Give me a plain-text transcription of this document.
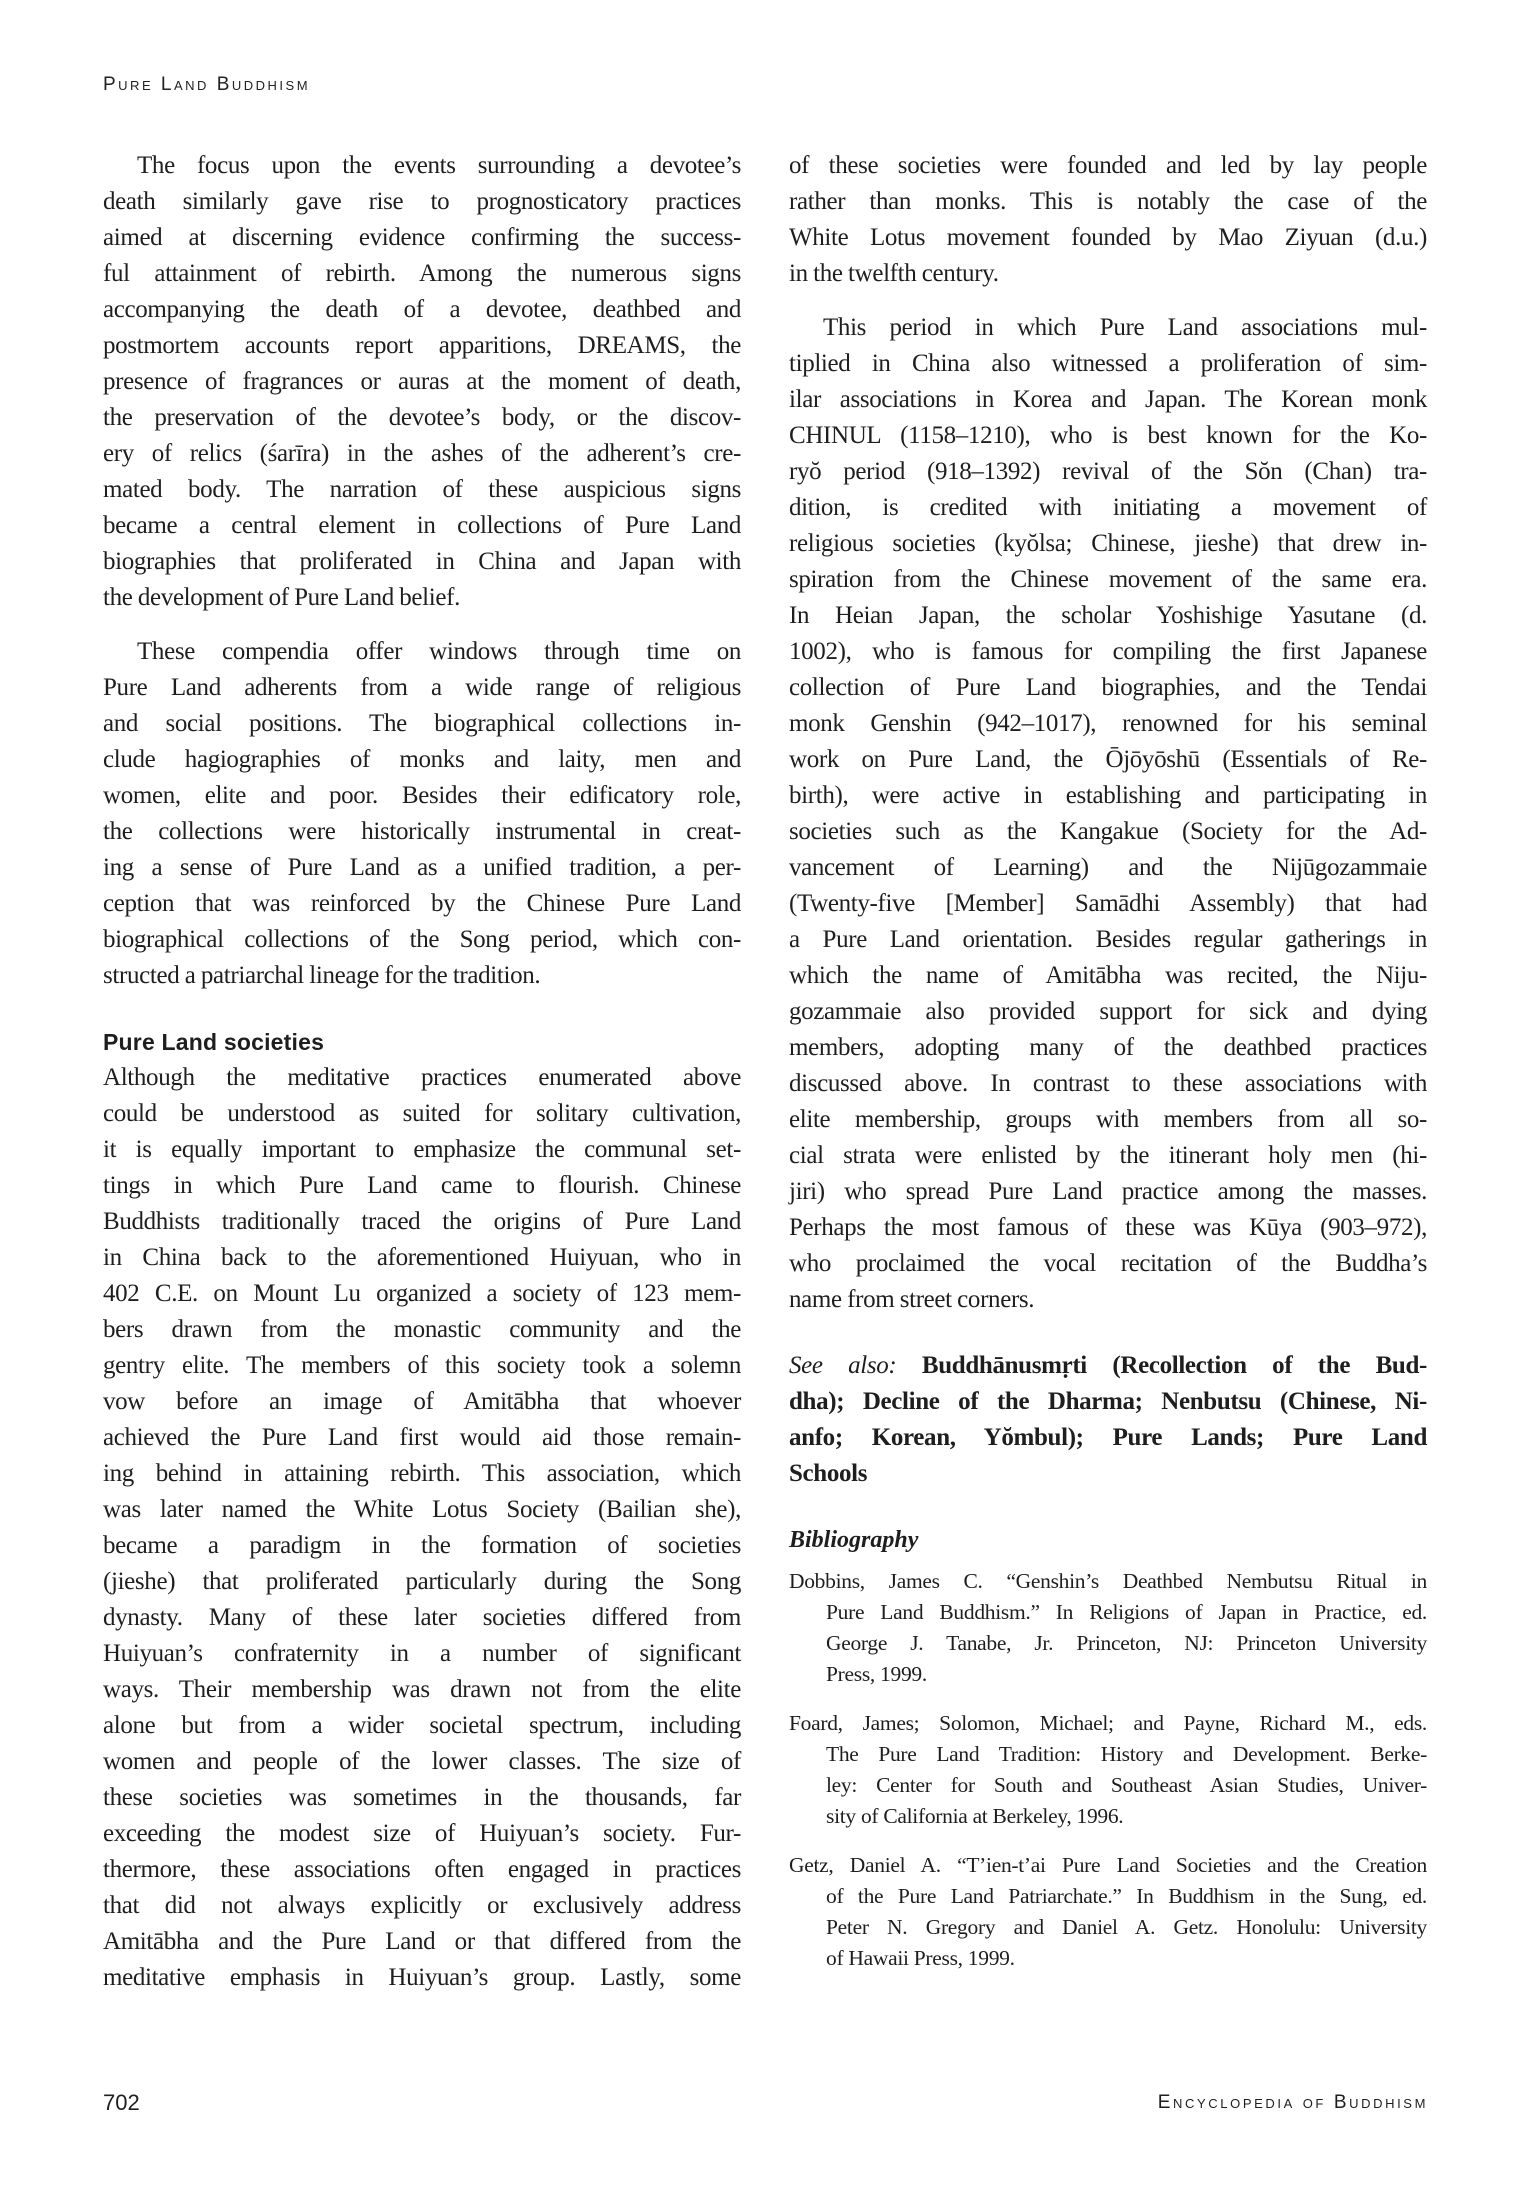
Pure Land Buddhism
The focus upon the events surrounding a devotee’s
death similarly gave rise to prognosticatory practices
aimed at discerning evidence confirming the success-
ful attainment of rebirth. Among the numerous signs
accompanying the death of a devotee, deathbed and
postmortem accounts report apparitions, DREAMS, the
presence of fragrances or auras at the moment of death,
the preservation of the devotee’s body, or the discov-
ery of relics (śarīra) in the ashes of the adherent’s cre-
mated body. The narration of these auspicious signs
became a central element in collections of Pure Land
biographies that proliferated in China and Japan with
the development of Pure Land belief.
These compendia offer windows through time on
Pure Land adherents from a wide range of religious
and social positions. The biographical collections in-
clude hagiographies of monks and laity, men and
women, elite and poor. Besides their edificatory role,
the collections were historically instrumental in creat-
ing a sense of Pure Land as a unified tradition, a per-
ception that was reinforced by the Chinese Pure Land
biographical collections of the Song period, which con-
structed a patriarchal lineage for the tradition.
Pure Land societies
Although the meditative practices enumerated above
could be understood as suited for solitary cultivation,
it is equally important to emphasize the communal set-
tings in which Pure Land came to flourish. Chinese
Buddhists traditionally traced the origins of Pure Land
in China back to the aforementioned Huiyuan, who in
402 C.E. on Mount Lu organized a society of 123 mem-
bers drawn from the monastic community and the
gentry elite. The members of this society took a solemn
vow before an image of Amitābha that whoever
achieved the Pure Land first would aid those remain-
ing behind in attaining rebirth. This association, which
was later named the White Lotus Society (Bailian she),
became a paradigm in the formation of societies
(jieshe) that proliferated particularly during the Song
dynasty. Many of these later societies differed from
Huiyuan’s confraternity in a number of significant
ways. Their membership was drawn not from the elite
alone but from a wider societal spectrum, including
women and people of the lower classes. The size of
these societies was sometimes in the thousands, far
exceeding the modest size of Huiyuan’s society. Fur-
thermore, these associations often engaged in practices
that did not always explicitly or exclusively address
Amitābha and the Pure Land or that differed from the
meditative emphasis in Huiyuan’s group. Lastly, some
of these societies were founded and led by lay people
rather than monks. This is notably the case of the
White Lotus movement founded by Mao Ziyuan (d.u.)
in the twelfth century.
This period in which Pure Land associations mul-
tiplied in China also witnessed a proliferation of sim-
ilar associations in Korea and Japan. The Korean monk
CHINUL (1158–1210), who is best known for the Ko-
ryŏ period (918–1392) revival of the Sŏn (Chan) tra-
dition, is credited with initiating a movement of
religious societies (kyŏlsa; Chinese, jieshe) that drew in-
spiration from the Chinese movement of the same era.
In Heian Japan, the scholar Yoshishige Yasutane (d.
1002), who is famous for compiling the first Japanese
collection of Pure Land biographies, and the Tendai
monk Genshin (942–1017), renowned for his seminal
work on Pure Land, the Ōjōyōshū (Essentials of Re-
birth), were active in establishing and participating in
societies such as the Kangakue (Society for the Ad-
vancement of Learning) and the Nijūgozammaie
(Twenty-five [Member] Samādhi Assembly) that had
a Pure Land orientation. Besides regular gatherings in
which the name of Amitābha was recited, the Niju-
gozammaie also provided support for sick and dying
members, adopting many of the deathbed practices
discussed above. In contrast to these associations with
elite membership, groups with members from all so-
cial strata were enlisted by the itinerant holy men (hi-
jiri) who spread Pure Land practice among the masses.
Perhaps the most famous of these was Kūya (903–972),
who proclaimed the vocal recitation of the Buddha’s
name from street corners.
See also: Buddhānusmṛti (Recollection of the Bud-
dha); Decline of the Dharma; Nenbutsu (Chinese, Ni-
anfo; Korean, Yŏmbul); Pure Lands; Pure Land
Schools
Bibliography
Dobbins, James C. “Genshin’s Deathbed Nembutsu Ritual in
Pure Land Buddhism.” In Religions of Japan in Practice, ed.
George J. Tanabe, Jr. Princeton, NJ: Princeton University
Press, 1999.
Foard, James; Solomon, Michael; and Payne, Richard M., eds.
The Pure Land Tradition: History and Development. Berke-
ley: Center for South and Southeast Asian Studies, Univer-
sity of California at Berkeley, 1996.
Getz, Daniel A. “T’ien-t’ai Pure Land Societies and the Creation
of the Pure Land Patriarchate.” In Buddhism in the Sung, ed.
Peter N. Gregory and Daniel A. Getz. Honolulu: University
of Hawaii Press, 1999.
702	Encyclopedia of Buddhism
